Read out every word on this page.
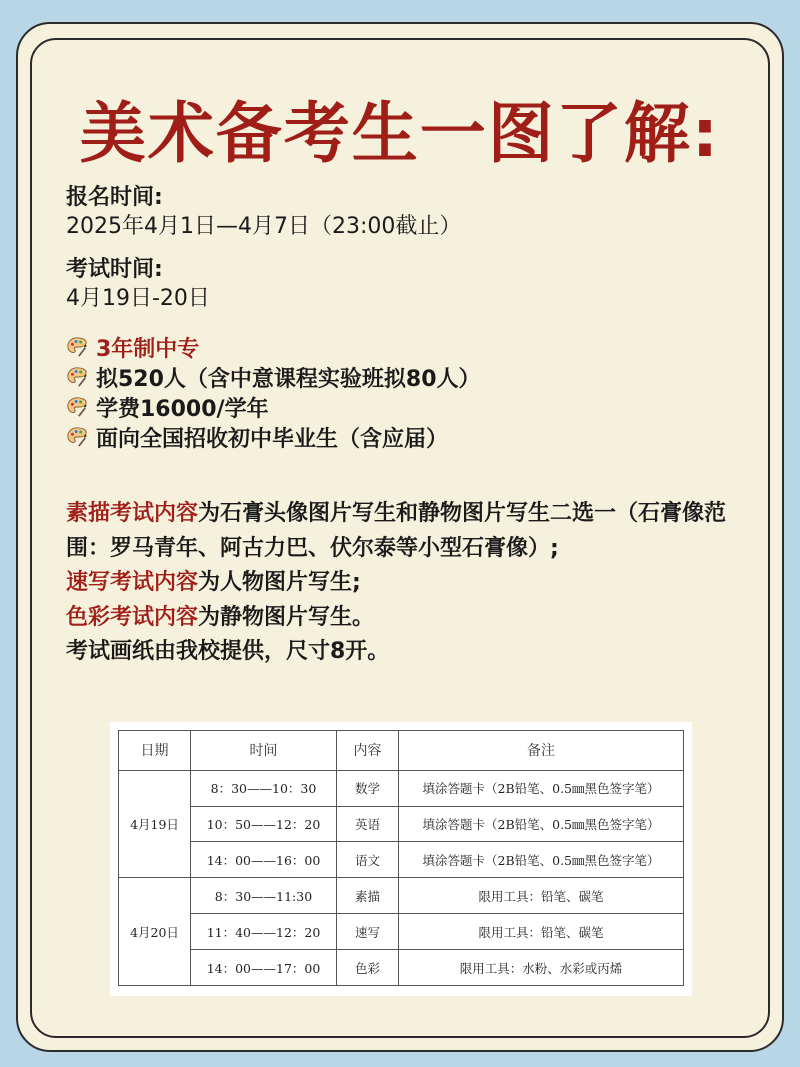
美术备考生一图了解:
报名时间:
2025年4月1日—4月7日（23:00截止）
考试时间:
4月19日-20日
3年制中专
拟520人（含中意课程实验班拟80人）
学费16000/学年
面向全国招收初中毕业生（含应届）
素描考试内容为石膏头像图片写生和静物图片写生二选一（石膏像范围：罗马青年、阿古力巴、伏尔泰等小型石膏像）;
速写考试内容为人物图片写生;
色彩考试内容为静物图片写生。
考试画纸由我校提供，尺寸8开。
日期	时间	内容	备注
4月19日	8：30——10：30	数学	填涂答题卡（2B铅笔、0.5㎜黑色签字笔）
	10：50——12：20	英语	填涂答题卡（2B铅笔、0.5㎜黑色签字笔）
	14：00——16：00	语文	填涂答题卡（2B铅笔、0.5㎜黑色签字笔）
4月20日	8：30——11:30	素描	限用工具：铅笔、碳笔
	11：40——12：20	速写	限用工具：铅笔、碳笔
	14：00——17：00	色彩	限用工具：水粉、水彩或丙烯
